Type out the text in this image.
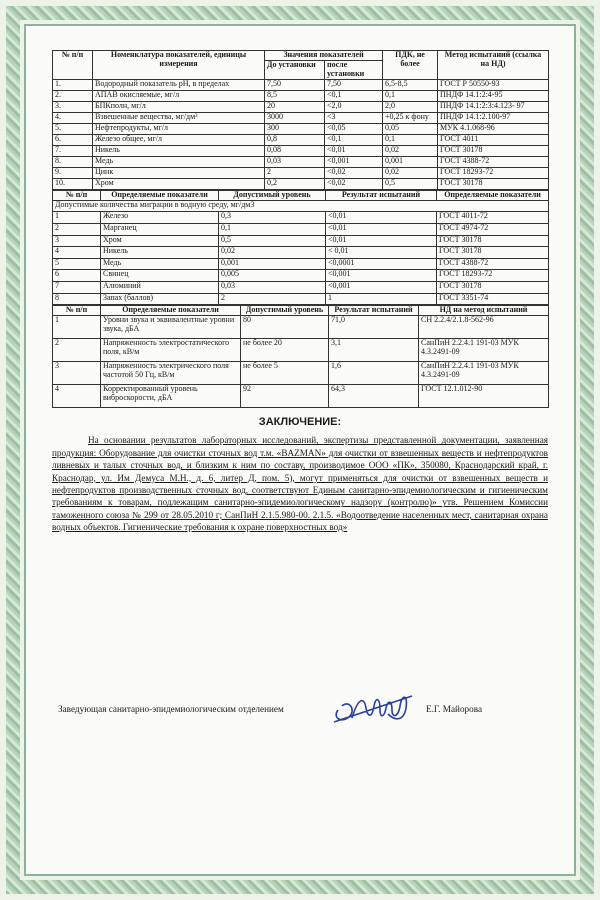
№ п/п	Номенклатура показателей, единицы измерения	Значения показателей		ПДК, не более	Метод испытаний (ссылка на НД)
		До установки	после установки		
1.	Водородный показатель pH, в пределах	7,50	7,50	6,5-8,5	ГОСТ Р 50550-93
2.	АПАВ окисляемые, мг/л	8,5	<0,1	0,1	ПНДФ 14.1:2:4-95
3.	БПКполн, мг/л	20	<2,0	2,0	ПНДФ 14.1:2:3:4.123- 97
4.	Взвешенные вещества, мг/дм³	3000	<3	+0,25 к фону	ПНДФ 14.1:2.100-97
5.	Нефтепродукты, мг/л	300	<0,05	0,05	МУК 4.1.068-96
6.	Железо общее, мг/л	0,8	<0,1	0,1	ГОСТ 4011
7.	Никель	0,08	<0,01	0,02	ГОСТ 30178
8.	Медь	0,03	<0,001	0,001	ГОСТ 4388-72
9.	Цинк	2	<0,02	0,02	ГОСТ 18293-72
10.	Хром	0,2	<0,02	0,5	ГОСТ 30178
№ п/п	Определяемые показатели	Допустимый уровень	Результат испытаний	Определяемые показатели
Допустимые количества миграции в водную среду, мг/дм3				
1	Железо	0,3	<0,01	ГОСТ 4011-72
2	Марганец	0,1	<0,01	ГОСТ 4974-72
3	Хром	0,5	<0,01	ГОСТ 30178
4	Никель	0,02	< 0,01	ГОСТ 30178
5	Медь	0,001	<0,0001	ГОСТ 4388-72
6	Свинец	0,005	<0,001	ГОСТ 18293-72
7	Алюминий	0,03	<0,001	ГОСТ 30178
8	Запах (баллов)	2	1	ГОСТ 3351-74
№ п/п	Определяемые показатели	Допустимый уровень	Результат испытаний	НД на метод испытаний
1	Уровни звука и эквивалентные уровни звука, дБА	80	71,0	СН 2.2.4/2.1.8-562-96
2	Напряженность электростатического поля, кВ/м	не более 20	3,1	СанПиН 2.2.4.1 191-03 МУК 4.3.2491-09
3	Напряженность электрического поля частотой 50 Гц, кВ/м	не более 5	1,6	СанПиН 2.2.4.1 191-03 МУК 4.3.2491-09
4	Корректированный уровень виброскорости, дБА	92	64,3	ГОСТ 12.1.012-90
ЗАКЛЮЧЕНИЕ:
На основании результатов лабораторных исследований, экспертизы представленной документации, заявленная продукция: Оборудование для очистки сточных вод т.м. «BAZMAN» для очистки от взвешенных веществ и нефтепродуктов ливневых и талых сточных вод, и близким к ним по составу, производимое ООО «ПК», 350080, Краснодарский край, г. Краснодар, ул. Им Демуса М.Н., д. 6, литер Д, пом. 5), могут применяться для очистки от взвешенных веществ и нефтепродуктов производственных сточных вод, соответствуют Единым санитарно-эпидемиологическим и гигиеническим требованиям к товарам, подлежащим санитарно-эпидемиологическому надзору (контролю)» утв. Решением Комиссии таможенного союза № 299 от 28.05.2010 г; СанПиН 2.1.5.980-00. 2.1.5. «Водоотведение населенных мест, санитарная охрана водных объектов. Гигиенические требования к охране поверхностных вод»
Заведующая санитарно-эпидемиологическим отделением	Е.Г. Майорова
